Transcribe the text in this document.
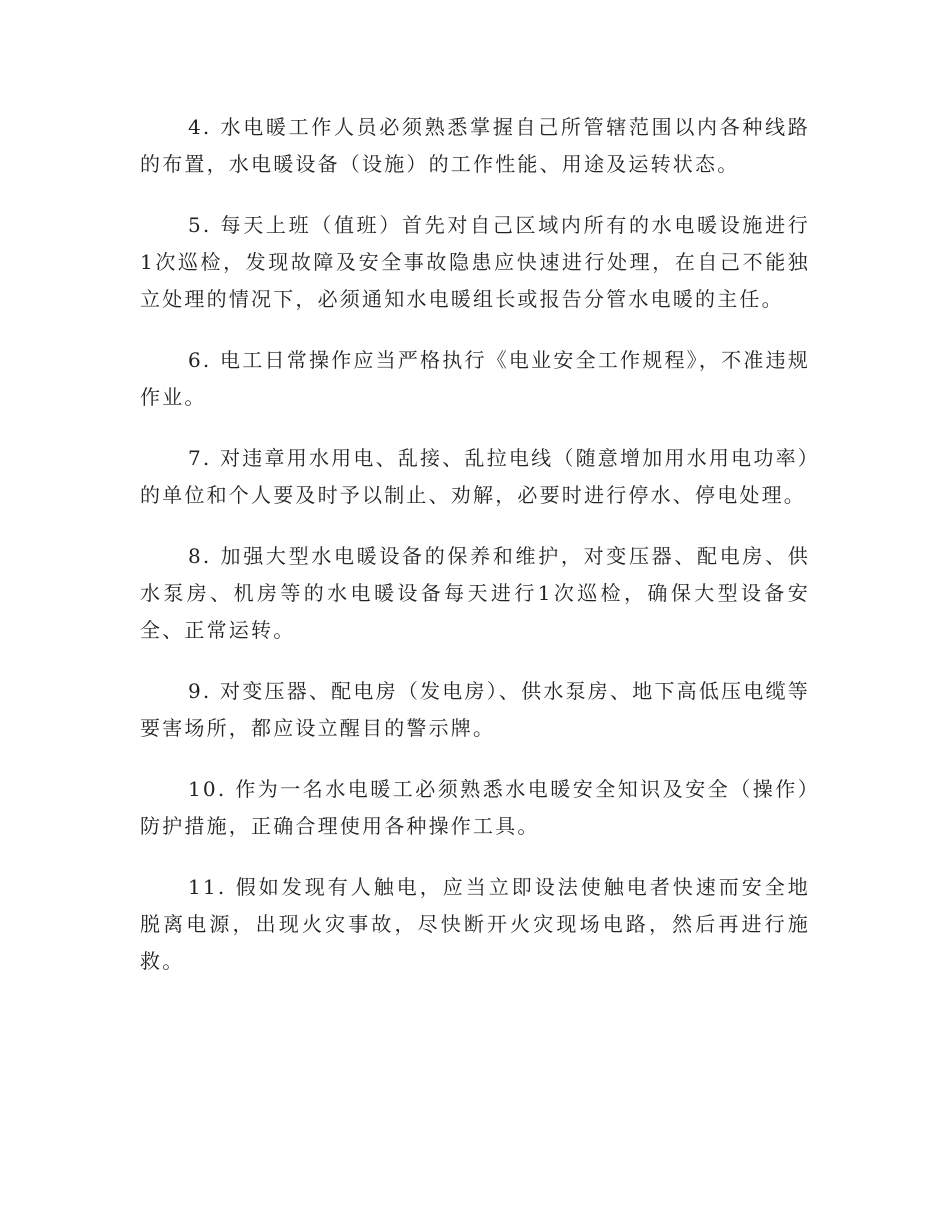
4. 水电暖工作人员必须熟悉掌握自己所管辖范围以内各种线路的布置，水电暖设备（设施）的工作性能、用途及运转状态。

5. 每天上班（值班）首先对自己区域内所有的水电暖设施进行1次巡检，发现故障及安全事故隐患应快速进行处理，在自己不能独立处理的情况下，必须通知水电暖组长或报告分管水电暖的主任。

6. 电工日常操作应当严格执行《电业安全工作规程》，不准违规作业。

7. 对违章用水用电、乱接、乱拉电线（随意增加用水用电功率）的单位和个人要及时予以制止、劝解，必要时进行停水、停电处理。

8. 加强大型水电暖设备的保养和维护，对变压器、配电房、供水泵房、机房等的水电暖设备每天进行1次巡检，确保大型设备安全、正常运转。

9. 对变压器、配电房（发电房）、供水泵房、地下高低压电缆等要害场所，都应设立醒目的警示牌。

10. 作为一名水电暖工必须熟悉水电暖安全知识及安全（操作）防护措施，正确合理使用各种操作工具。

11. 假如发现有人触电，应当立即设法使触电者快速而安全地脱离电源，出现火灾事故，尽快断开火灾现场电路，然后再进行施救。
